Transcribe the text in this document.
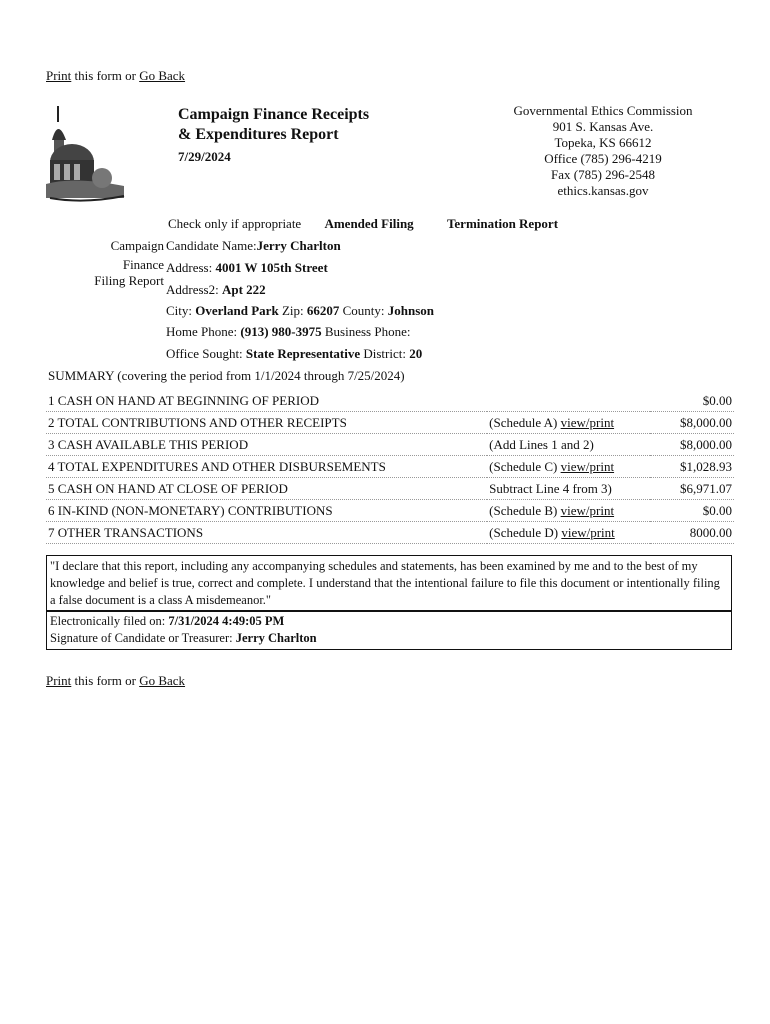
Print this form or Go Back
Campaign Finance Receipts
& Expenditures Report
7/29/2024
Governmental Ethics Commission
901 S. Kansas Ave.
Topeka, KS 66612
Office (785) 296-4219
Fax (785) 296-2548
ethics.kansas.gov
Check only if appropriate Amended Filing	Termination Report
Campaign
Finance
Filing Report
Candidate Name:Jerry Charlton
Address: 4001 W 105th Street
Address2: Apt 222
City: Overland Park Zip: 66207 County: Johnson
Home Phone: (913) 980-3975 Business Phone:
Office Sought: State Representative District: 20
SUMMARY (covering the period from 1/1/2024 through 7/25/2024)
1 CASH ON HAND AT BEGINNING OF PERIOD		$0.00
2 TOTAL CONTRIBUTIONS AND OTHER RECEIPTS	(Schedule A) view/print	$8,000.00
3 CASH AVAILABLE THIS PERIOD	(Add Lines 1 and 2)	$8,000.00
4 TOTAL EXPENDITURES AND OTHER DISBURSEMENTS	(Schedule C) view/print	$1,028.93
5 CASH ON HAND AT CLOSE OF PERIOD	Subtract Line 4 from 3)	$6,971.07
6 IN-KIND (NON-MONETARY) CONTRIBUTIONS	(Schedule B) view/print	$0.00
7 OTHER TRANSACTIONS	(Schedule D) view/print	8000.00
"I declare that this report, including any accompanying schedules and statements, has been examined by me and to the best of my knowledge and belief is true, correct and complete. I understand that the intentional failure to file this document or intentionally filing a false document is a class A misdemeanor."
Electronically filed on: 7/31/2024 4:49:05 PM
Signature of Candidate or Treasurer: Jerry Charlton
Print this form or Go Back
